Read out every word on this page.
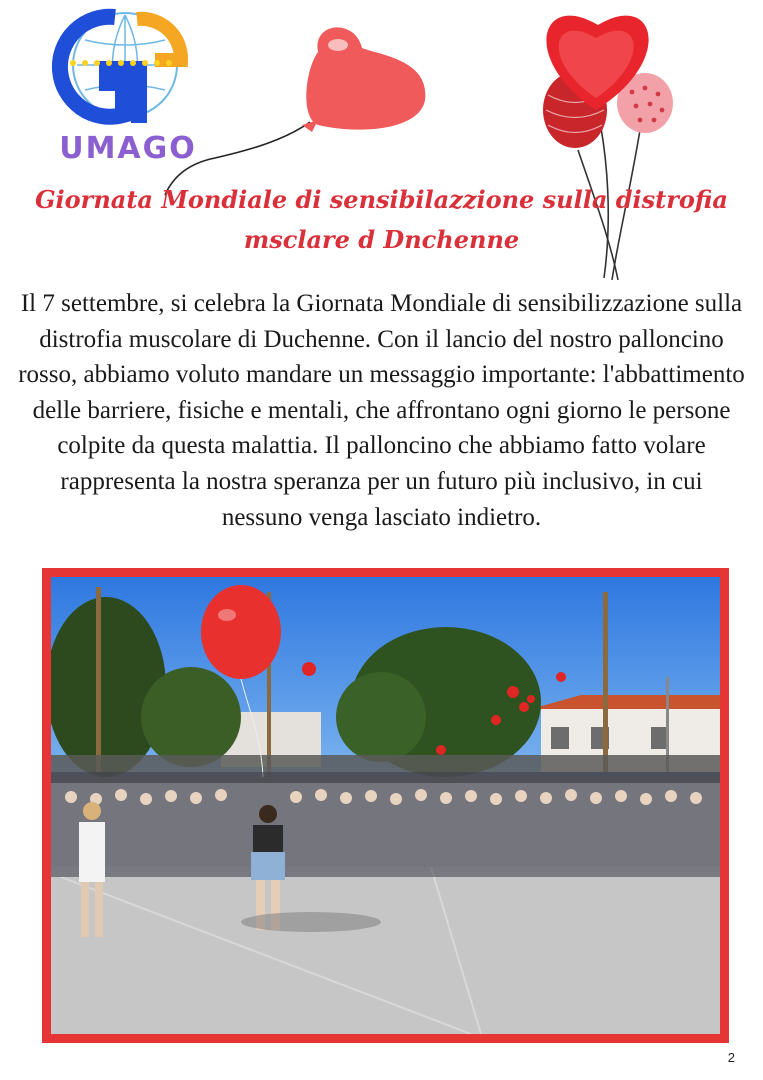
UMAGO
Giornata Mondiale di sensibilazzione sulla distrofia msclare d Dnchenne

Il 7 settembre, si celebra la Giornata Mondiale di sensibilizzazione sulla distrofia muscolare di Duchenne. Con il lancio del nostro palloncino rosso, abbiamo voluto mandare un messaggio importante: l'abbattimento delle barriere, fisiche e mentali, che affrontano ogni giorno le persone colpite da questa malattia. Il palloncino che abbiamo fatto volare rappresenta la nostra speranza per un futuro più inclusivo, in cui nessuno venga lasciato indietro.

2
